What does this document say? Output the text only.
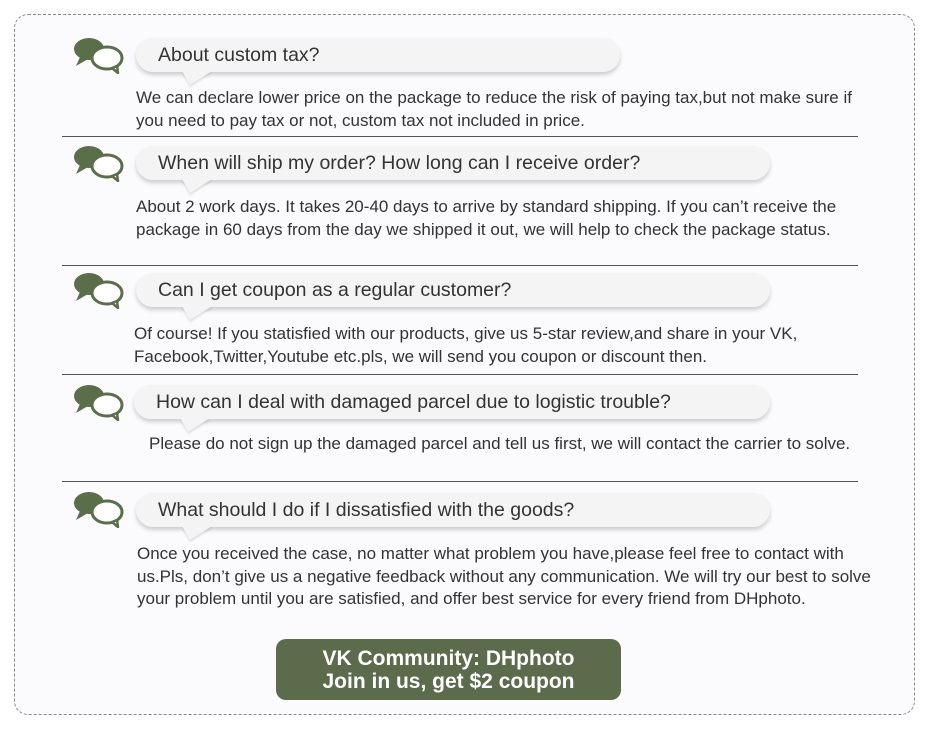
About custom tax?
We can declare lower price on the package to reduce the risk of paying tax,but not make sure if you need to pay tax or not, custom tax not included in price.
When will ship my order? How long can I receive order?
About 2 work days. It takes 20-40 days to arrive by standard shipping. If you can’t receive the package in 60 days from the day we shipped it out, we will help to check the package status.
Can I get coupon as a regular customer?
Of course! If you statisfied with our products, give us 5-star review,and share in your VK, Facebook,Twitter,Youtube etc.pls, we will send you coupon or discount then.
How can I deal with damaged parcel due to logistic trouble?
Please do not sign up the damaged parcel and tell us first, we will contact the carrier to solve.
What should I do if I dissatisfied with the goods?
Once you received the case, no matter what problem you have,please feel free to contact with us.Pls, don’t give us a negative feedback without any communication. We will try our best to solve your problem until you are satisfied, and offer best service for every friend from DHphoto.
VK Community: DHphoto
Join in us, get $2 coupon
